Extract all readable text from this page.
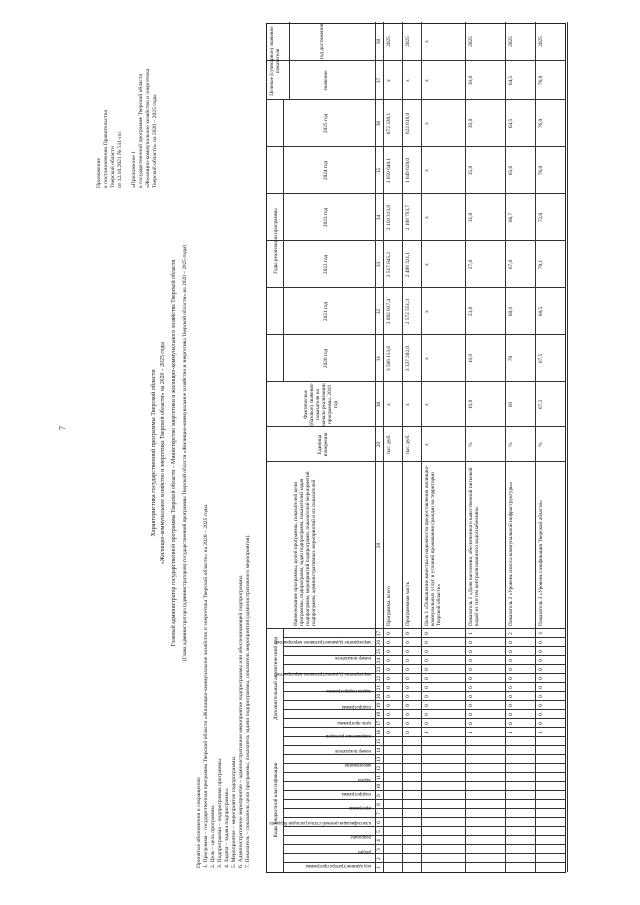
7
Приложение к постановлению Правительства Тверской области от 12.10.2021 № 511-пп
«Приложение 1 к государственной программе Тверской области «Жилищно-коммунальное хозяйство и энергетика Тверской области» на 2020 – 2025 годы
Характеристика государственной программы Тверской области «Жилищно-коммунальное хозяйство и энергетика Тверской области» на 2020 – 2025 годы Главный администратор государственной программы Тверской области – Министерство энергетики и жилищно-коммунального хозяйства Тверской области (Глава администратора (администраторов) государственной программы Тверской области «Жилищно-коммунальное хозяйство и энергетика Тверской области» на 2020 – 2025 годы)
Принятые обозначения и сокращения: 1. Программа – государственная программа Тверской области «Жилищно-коммунальное хозяйство и энергетика Тверской области» на 2020 – 2025 годы. 2. Цель – цель программы. 3. Подпрограмма – подпрограмма программы. 4. Задача – задача подпрограммы. 5. Мероприятие – мероприятие подпрограммы. 6. Административное мероприятие – административное мероприятие подпрограммы или обеспечивающей подпрограммы. 7. Показатель – показатель цели программы, показатель задачи подпрограммы, показатель мероприятия (административного мероприятия).	Коды бюджетной классификации
Дополнительный аналитический код
Годы реализации программы
Целевое (суммарное) значение показателя
код администратора программы
раздел
подраздел
классификация целевой статьи расходов бюджета
программа
подпрограмма
задача
мероприятие
номер показателя
направление расходов
цель программы
подпрограмма
задача подпрограммы
мероприятие (административное мероприятие)
номер показателя
мероприятие (административное мероприятие)
Наименование программы, целей программы, показателей цели программы, подпрограмм, задач подпрограмм, показателей задач подпрограмм, мероприятий подпрограмм, показателей мероприятий подпрограмм, административных мероприятий и их показателей
Единица измерения
Фактическое (базовое) значение показателя на начало реализации программы, 2019 год
2020 год
2021 год
2022 год
2023 год
2024 год
2025 год
значение
год достижения
1
2
3
4
5
6
7
8
9
10
11
12
13
14
15
16
17
18
19
20
21
22
23
24
25
26
27
28
29
30
31
32
33
34
35
36
37
38
0
0
0
0
0
0
0
0
0
0
0
0
Программа, всего
тыс. руб.
х
3 566 113,6
2 602 037,4
2 517 845,2
2 110 313,8
1 650 648,1
672 338,1
х
2025
0
0
0
0
0
0
0
0
0
0
0
0
Программная часть
тыс. руб.
х
3 337 202,0
2 572 551,3
2 488 321,1
2 108 793,7
1 649 628,0
622 818,0
х
2025
1
0
0
0
0
0
0
0
0
0
0
0
Цель 1 «Повышение качества и надежности предоставления жилищно-коммунальных услуг и условий проживания граждан на территории Тверской области»
х
х
х
х
х
х
х
х
х
х
1
0
0
0
0
0
0
0
0
0
0
1
Показатель 1 «Доля населения, обеспеченного качественной питьевой водой из систем централизованного водоснабжения»
%
19,8
19,9
23,8
27,8
31,8
35,8
39,8
39,8
2025
1
0
0
0
0
0
0
0
0
0
0
2
Показатель 2 «Уровень износа коммунальной инфраструктуры»
%
69
70
68,9
67,8
66,7
65,6
64,5
64,5
2025
1
0
0
0
0
0
0
0
0
0
0
3
Показатель 3 «Уровень газификации Тверской области»
%
67,2
67,5
68,5
70,1
72,0
76,0
76,0
76,0
2025
